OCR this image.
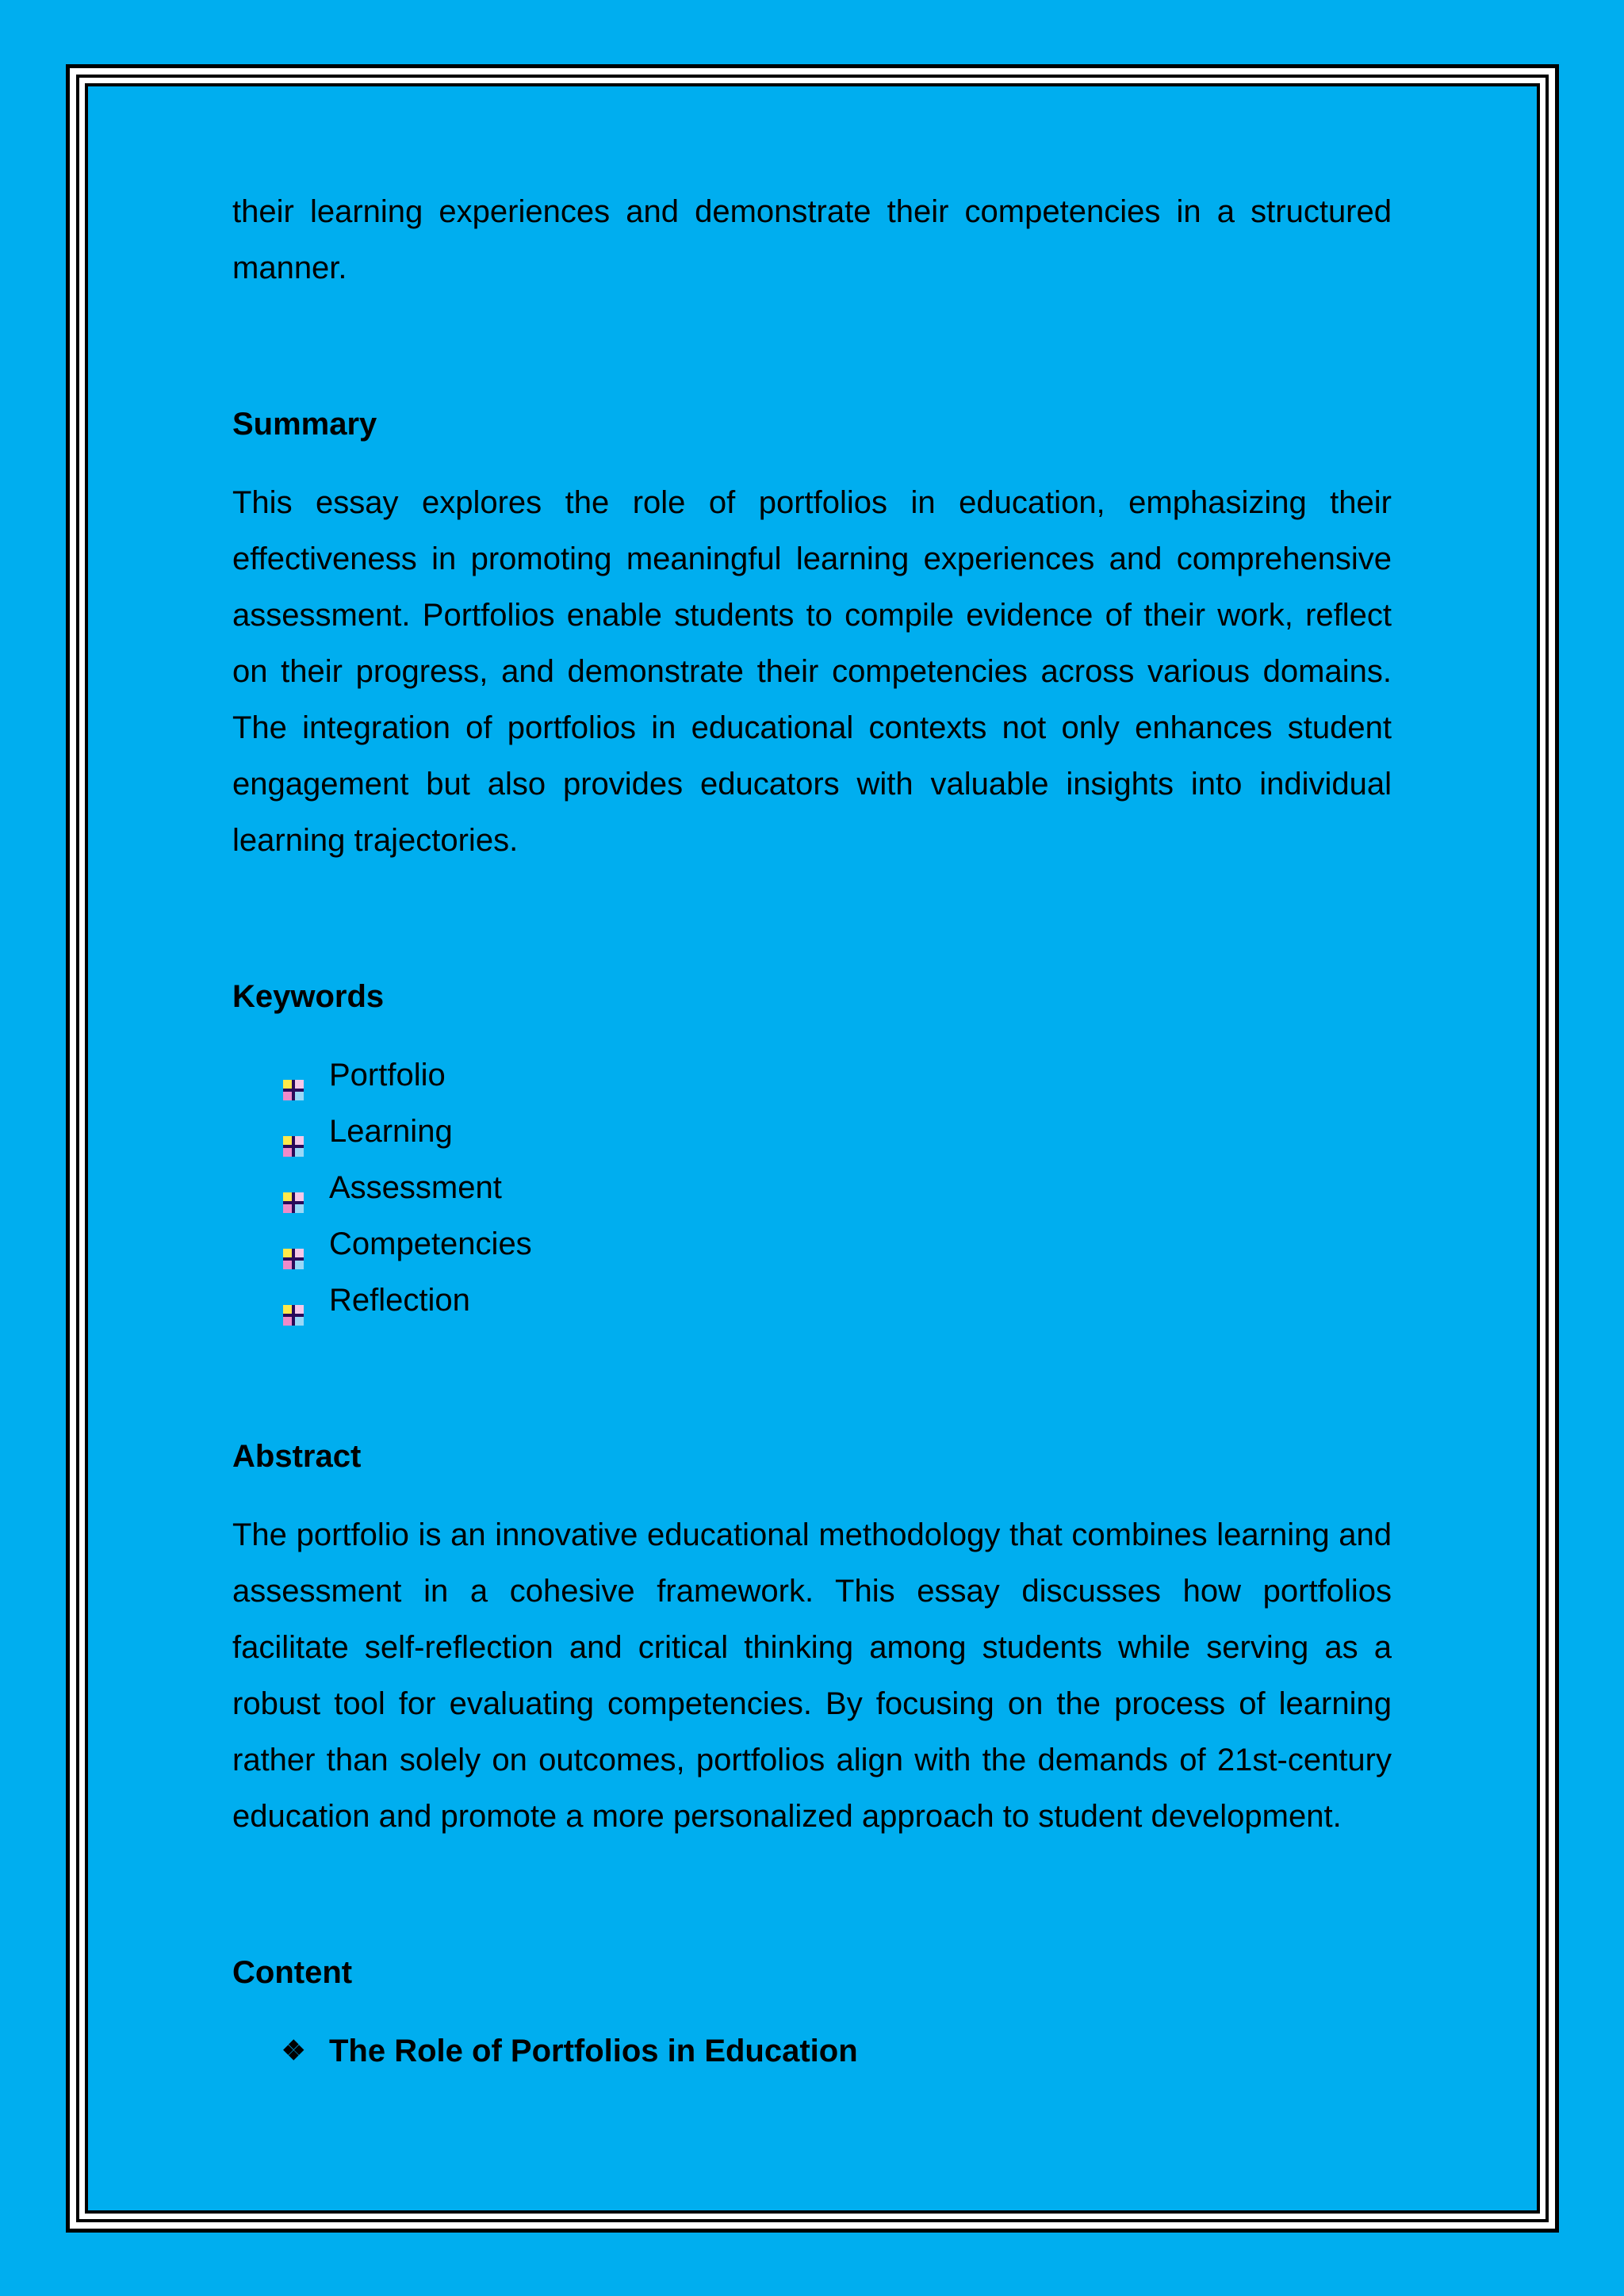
their learning experiences and demonstrate their competencies in a structured manner.

Summary

This essay explores the role of portfolios in education, emphasizing their effectiveness in promoting meaningful learning experiences and comprehensive assessment. Portfolios enable students to compile evidence of their work, reflect on their progress, and demonstrate their competencies across various domains. The integration of portfolios in educational contexts not only enhances student engagement but also provides educators with valuable insights into individual learning trajectories.

Keywords
Portfolio
Learning
Assessment
Competencies
Reflection
Abstract

The portfolio is an innovative educational methodology that combines learning and assessment in a cohesive framework. This essay discusses how portfolios facilitate self-reflection and critical thinking among students while serving as a robust tool for evaluating competencies. By focusing on the process of learning rather than solely on outcomes, portfolios align with the demands of 21st-century education and promote a more personalized approach to student development.

Content
❖ The Role of Portfolios in Education
